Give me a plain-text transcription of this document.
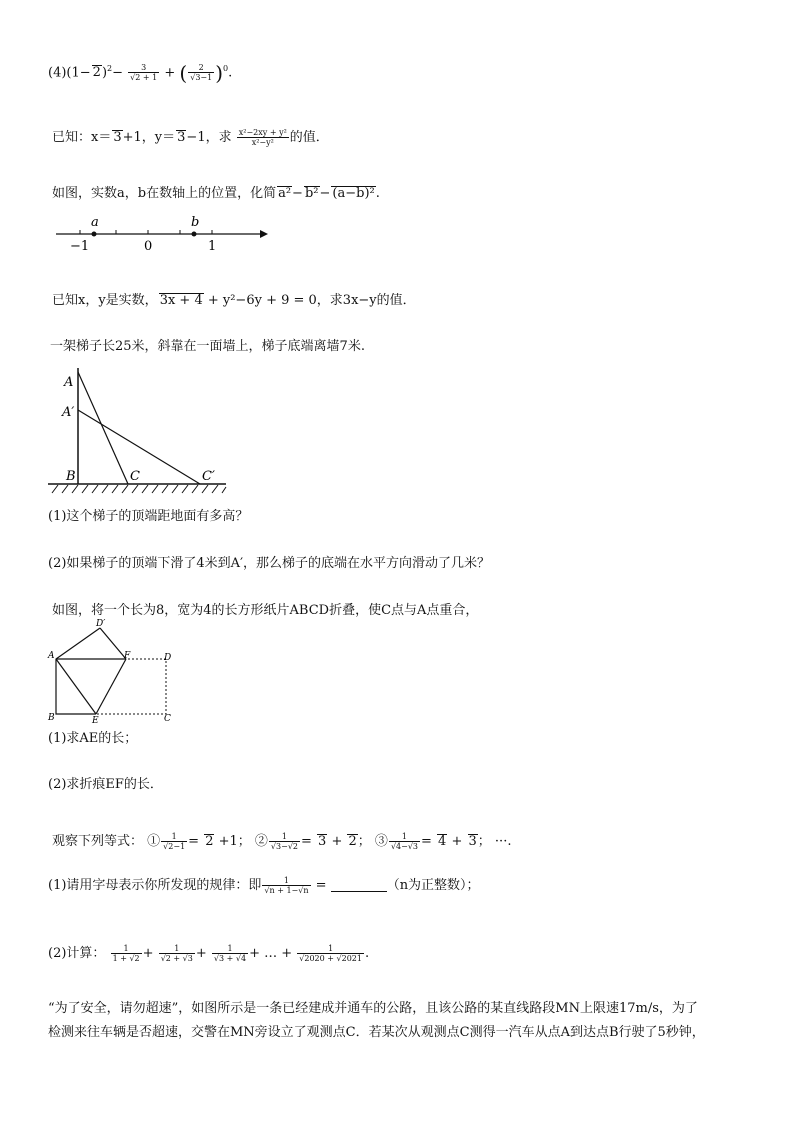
$(4)(1- 2)^2- \frac{3}{√2 + 1}$ + ( $\frac{2}{√3-1} )^0$.
已知：x＝ 3+1，y＝ 3−1，求 $\frac{\text{x²−2xy + y²}}{\text{x²−y²}}$ 的值．
如图，实数a，b在数轴上的位置，化简 a²− b²− (a−b)².
a	b
−1	0	1
已知x，y是实数， 3x + 4 + y²−6y + 9 = 0，求3x−y的值．
一架梯子长25米，斜靠在一面墙上，梯子底端离墙7米.
A
A′
B	C	C′
(1)这个梯子的顶端距地面有多高？
(2)如果梯子的顶端下滑了4米到A′，那么梯子的底端在水平方向滑动了几米？
如图，将一个长为8，宽为4的长方形纸片ABCD折叠，使C点与A点重合，
D′
A	F	D
B	E	C
(1)求AE的长；
(2)求折痕EF的长．
观察下列等式： ① $\frac{1}{√2-1} = 2 +1$； ② $\frac{1}{√3-√2} = 3 + 2$； ③ $\frac{1}{√4-√3} = 4 + 3$； ···.
(1)请用字母表示你所发现的规律：即 $\frac{1}{√n + 1-√n}$ =	（n为正整数）；
(2)计算： $\frac{1}{1 + √2} + \frac{1}{√2 + √3} + \frac{1}{√3 + √4}$ + … + $\frac{1}{√2020 + √2021}$ .
“为了安全，请勿超速”，如图所示是一条已经建成并通车的公路，且该公路的某直线路段MN上限速17m/s，为了
检测来往车辆是否超速，交警在MN旁设立了观测点C．若某次从观测点C测得一汽车从点A到达点B行驶了5秒钟，
